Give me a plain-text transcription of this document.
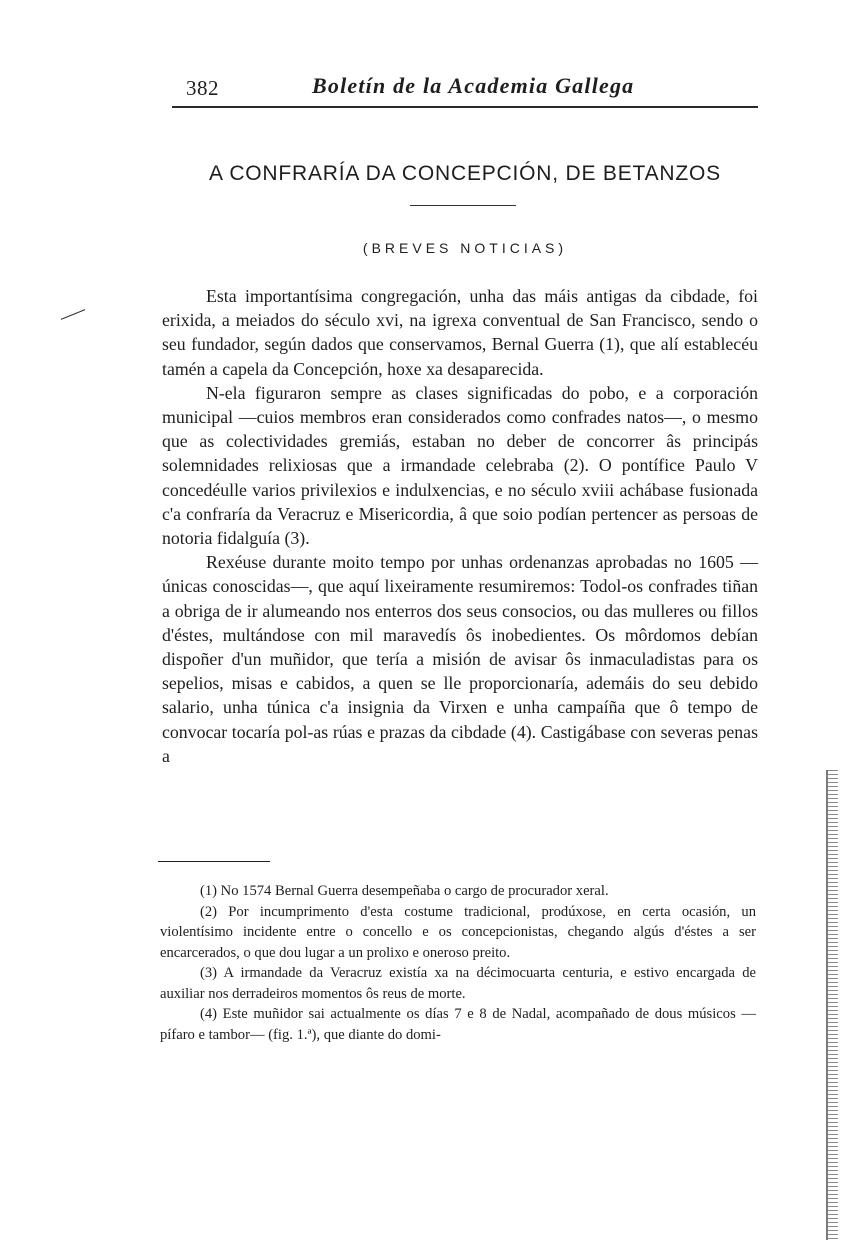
382	Boletín de la Academia Gallega
A CONFRARÍA DA CONCEPCIÓN, DE BETANZOS
(BREVES NOTICIAS)

Esta importantísima congregación, unha das máis antigas da cibdade, foi erixida, a meiados do século xvi, na igrexa conventual de San Francisco, sendo o seu fundador, según dados que conservamos, Bernal Guerra (1), que alí establecéu tamén a capela da Concepción, hoxe xa desaparecida.

N-ela figuraron sempre as clases significadas do pobo, e a corporación municipal —cuios membros eran considerados como confrades natos—, o mesmo que as colectividades gremiás, estaban no deber de concorrer âs principás solemnidades relixiosas que a irmandade celebraba (2). O pontífice Paulo V concedéulle varios privilexios e indulxencias, e no século xviii achábase fusionada c'a confraría da Veracruz e Misericordia, â que soio podían pertencer as persoas de notoria fidalguía (3).

Rexéuse durante moito tempo por unhas ordenanzas aprobadas no 1605 —únicas conoscidas—, que aquí lixeiramente resumiremos: Todol-os confrades tiñan a obriga de ir alumeando nos enterros dos seus consocios, ou das mulleres ou fillos d'éstes, multándose con mil maravedís ôs inobedientes. Os môrdomos debían dispoñer d'un muñidor, que tería a misión de avisar ôs inmaculadistas para os sepelios, misas e cabidos, a quen se lle proporcionaría, ademáis do seu debido salario, unha túnica c'a insignia da Virxen e unha campaíña que ô tempo de convocar tocaría pol-as rúas e prazas da cibdade (4). Castigábase con severas penas a

(1) No 1574 Bernal Guerra desempeñaba o cargo de procurador xeral.

(2) Por incumprimento d'esta costume tradicional, prodúxose, en certa ocasión, un violentísimo incidente entre o concello e os concepcionistas, chegando algús d'éstes a ser encarcerados, o que dou lugar a un prolixo e oneroso preito.

(3) A irmandade da Veracruz existía xa na décimocuarta centuria, e estivo encargada de auxiliar nos derradeiros momentos ôs reus de morte.

(4) Este muñidor sai actualmente os días 7 e 8 de Nadal, acompañado de dous músicos —pífaro e tambor— (fig. 1.ª), que diante do domi-
